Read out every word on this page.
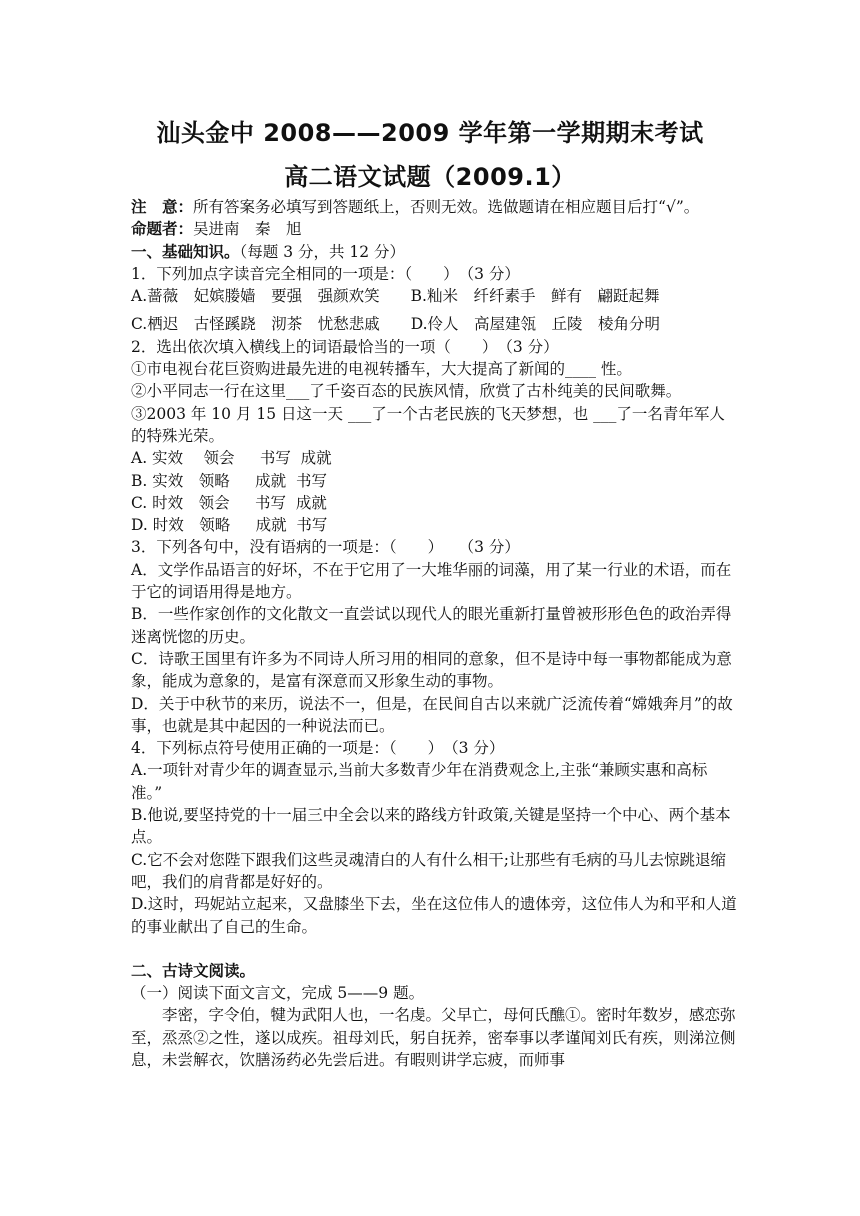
汕头金中 2008——2009 学年第一学期期末考试
高二语文试题（2009.1）

注　意：所有答案务必填写到答题纸上，否则无效。选做题请在相应题目后打“√”。

命题者：吴进南　秦　旭

一、基础知识。（每题 3 分，共 12 分）

1．下列加点字读音完全相同的一项是：（　　）　（3 分）

A.蔷薇　妃嫔媵嫱　要强　强颜欢笑　　B.籼米　纤纤素手　鲜有　翩跹起舞

C.栖迟　古怪蹊跷　沏茶　忧愁悲戚　　D.伶人　高屋建瓴　丘陵　棱角分明

2．选出依次填入横线上的词语最恰当的一项（　　）　（3 分）

①市电视台花巨资购进最先进的电视转播车，大大提高了新闻的____ 性。

②小平同志一行在这里___了千姿百态的民族风情，欣赏了古朴纯美的民间歌舞。

③2003 年 10 月 15 日这一天 ___了一个古老民族的飞天梦想，也 ___了一名青年军人的特殊光荣。

A. 实效　 领会　  书写  成就

B. 实效　领略　  成就  书写

C. 时效　领会　  书写  成就

D. 时效　领略　  成就  书写

3．下列各句中，没有语病的一项是：（　　）　　（3 分）

A．文学作品语言的好坏，不在于它用了一大堆华丽的词藻，用了某一行业的术语，而在于它的词语用得是地方。

B．一些作家创作的文化散文一直尝试以现代人的眼光重新打量曾被形形色色的政治弄得迷离恍惚的历史。

C．诗歌王国里有许多为不同诗人所习用的相同的意象，但不是诗中每一事物都能成为意象，能成为意象的，是富有深意而又形象生动的事物。

D．关于中秋节的来历，说法不一，但是，在民间自古以来就广泛流传着“嫦娥奔月”的故事，也就是其中起因的一种说法而已。

4．下列标点符号使用正确的一项是：（　　）　（3 分）

A.一项针对青少年的调查显示,当前大多数青少年在消费观念上,主张“兼顾实惠和高标准。”

B.他说,要坚持党的十一届三中全会以来的路线方针政策,关键是坚持一个中心、两个基本点。

C.它不会对您陛下跟我们这些灵魂清白的人有什么相干;让那些有毛病的马儿去惊跳退缩吧，我们的肩背都是好好的。

D.这时，玛妮站立起来，又盘膝坐下去，坐在这位伟人的遗体旁，这位伟人为和平和人道的事业献出了自己的生命。

二、古诗文阅读。

（一）阅读下面文言文，完成 5——9 题。

李密，字令伯，犍为武阳人也，一名虔。父早亡，母何氏醮①。密时年数岁，感恋弥至，烝烝②之性，遂以成疾。祖母刘氏，躬自抚养，密奉事以孝谨闻刘氏有疾，则涕泣侧息，未尝解衣，饮膳汤药必先尝后进。有暇则讲学忘疲，而师事
